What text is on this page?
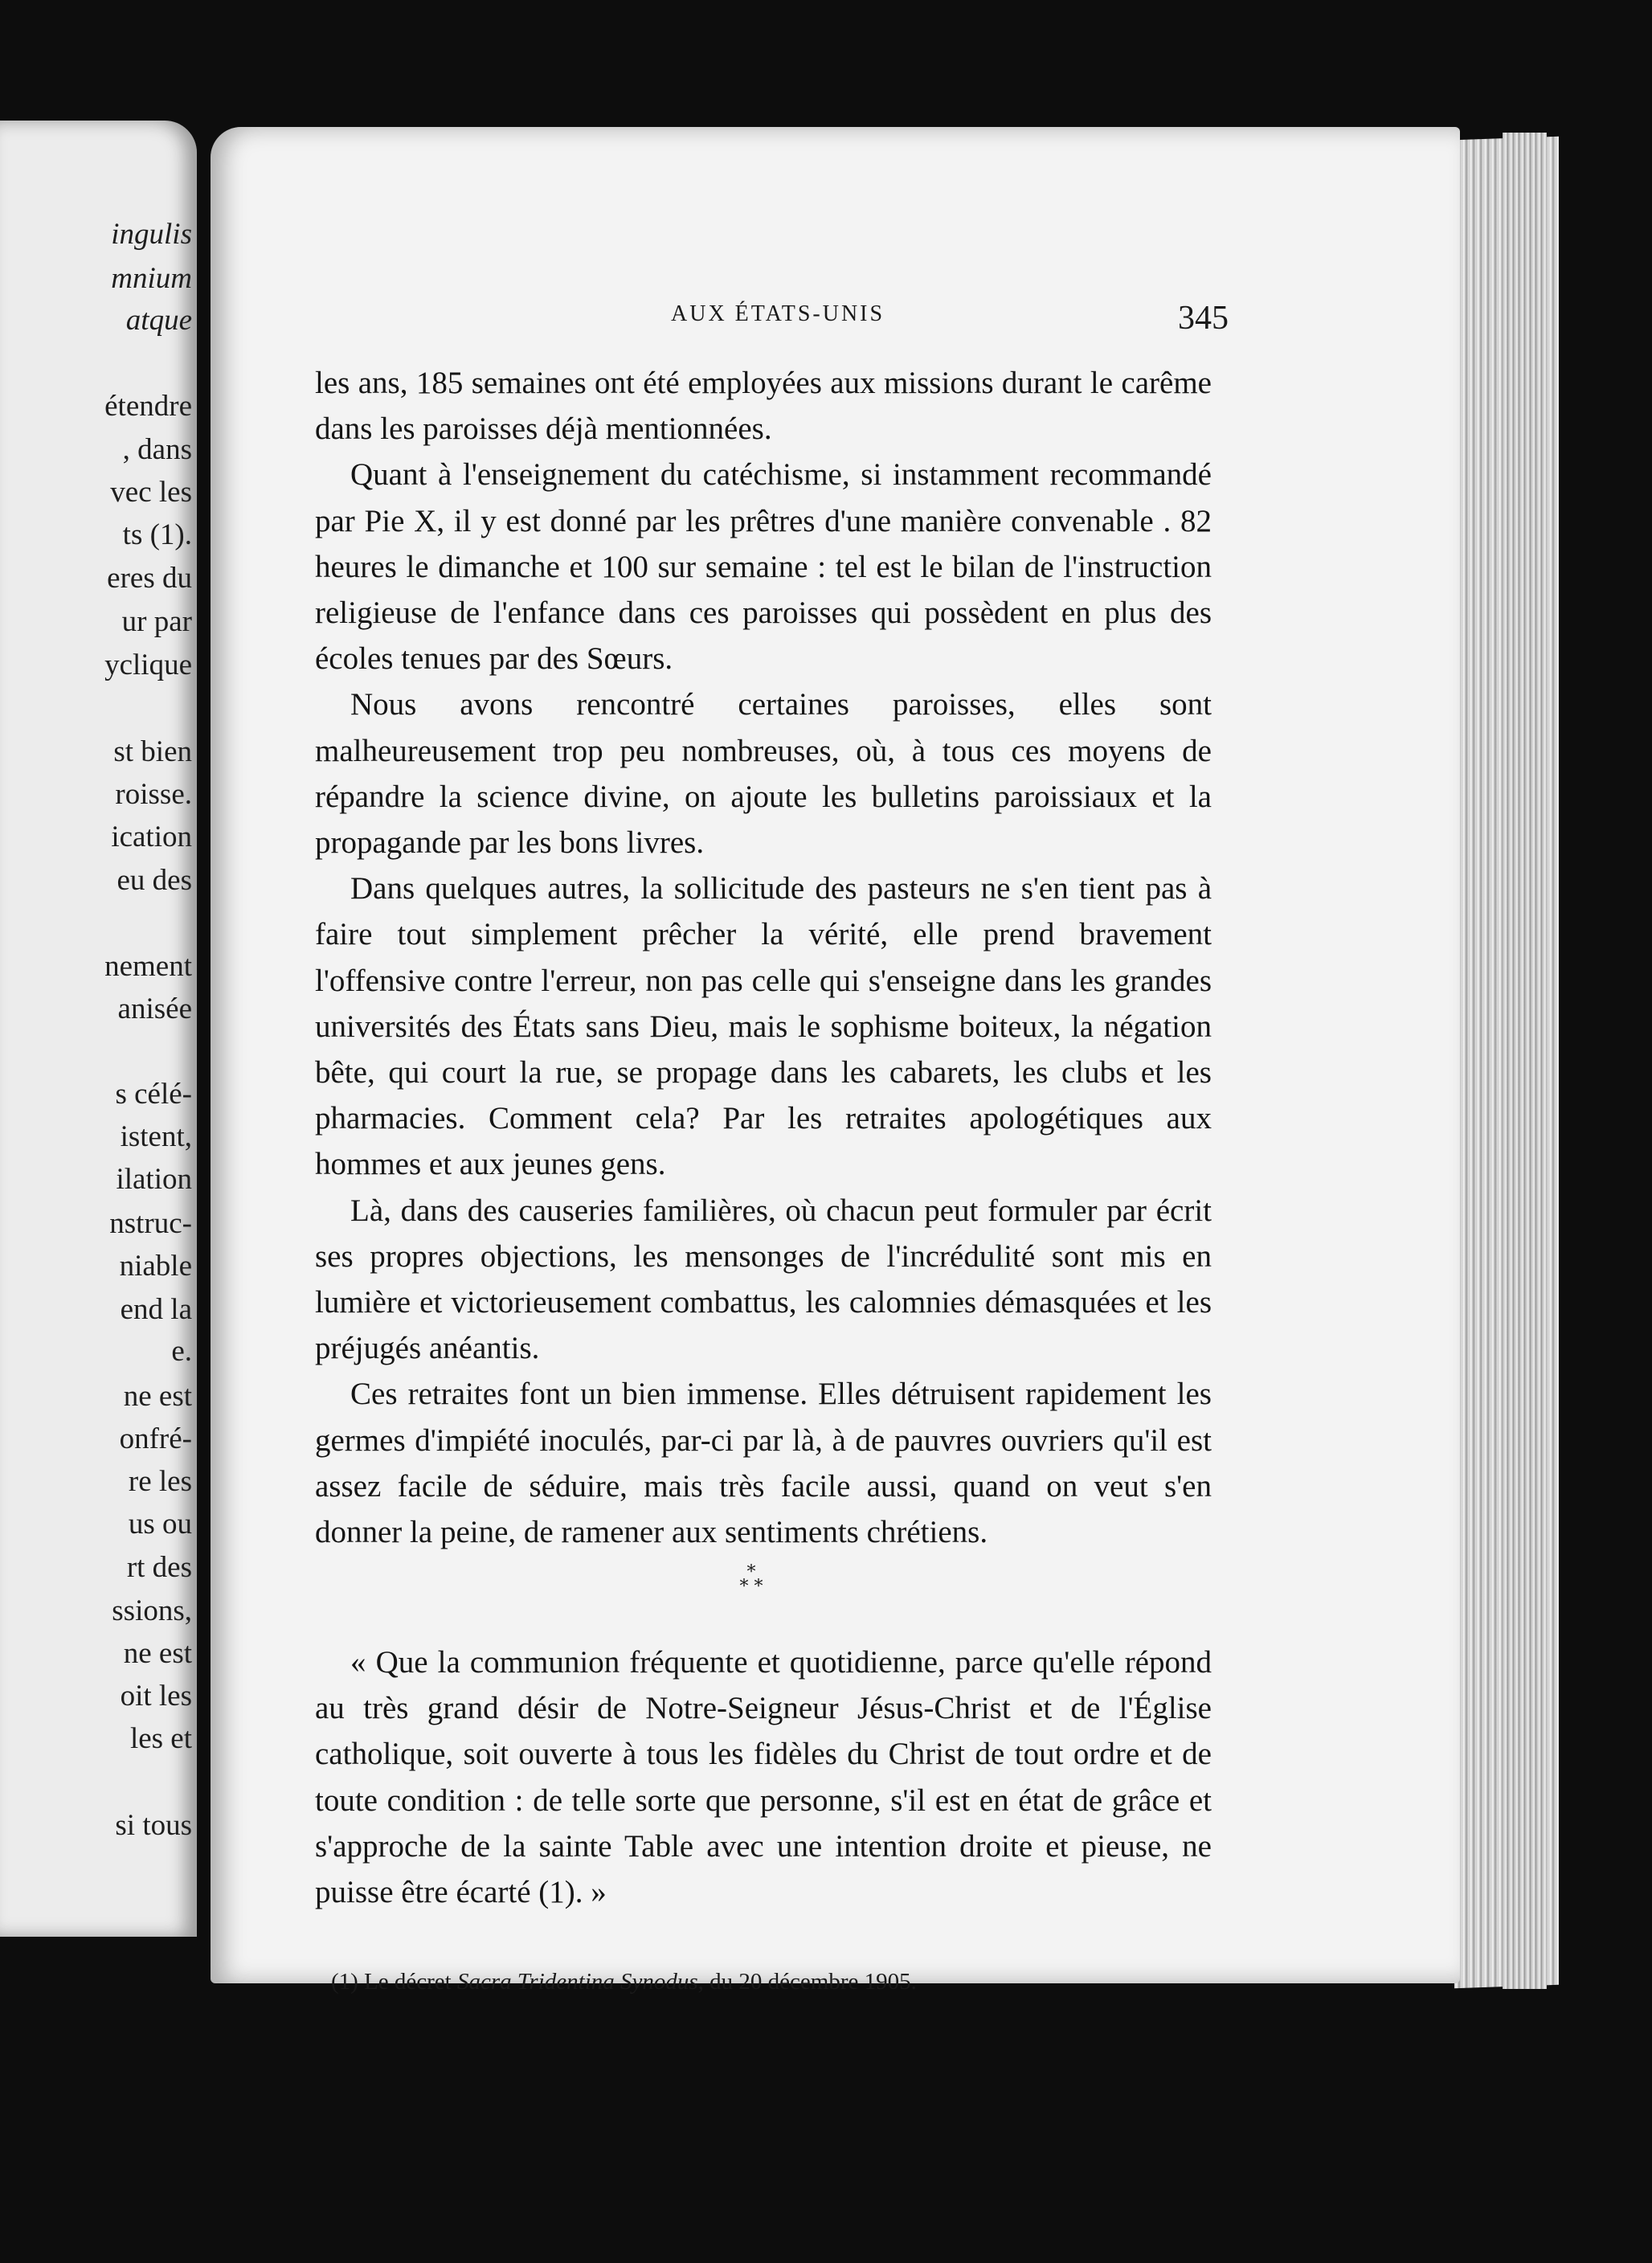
ingulis
mnium
atque
étendre
, dans
vec les
ts (1).
eres du
ur par
yclique
st bien
roisse.
ication
eu des
nement
anisée
s célé-
istent,
ilation
nstruc-
niable
end la
e.
ne est
onfré-
re les
us ou
rt des
ssions,
ne est
oit les
les et
si tous
AUX ÉTATS-UNIS	345

les ans, 185 semaines ont été employées aux missions durant le carême dans les paroisses déjà mentionnées.

Quant à l'enseignement du catéchisme, si instamment recommandé par Pie X, il y est donné par les prêtres d'une manière convenable . 82 heures le dimanche et 100 sur semaine : tel est le bilan de l'instruction religieuse de l'enfance dans ces paroisses qui possèdent en plus des écoles tenues par des Sœurs.

Nous avons rencontré certaines paroisses, elles sont malheureusement trop peu nombreuses, où, à tous ces moyens de répandre la science divine, on ajoute les bulletins paroissiaux et la propagande par les bons livres.

Dans quelques autres, la sollicitude des pasteurs ne s'en tient pas à faire tout simplement prêcher la vérité, elle prend bravement l'offensive contre l'erreur, non pas celle qui s'enseigne dans les grandes universités des États sans Dieu, mais le sophisme boiteux, la négation bête, qui court la rue, se propage dans les cabarets, les clubs et les pharmacies. Comment cela? Par les retraites apologétiques aux hommes et aux jeunes gens.

Là, dans des causeries familières, où chacun peut formuler par écrit ses propres objections, les mensonges de l'incrédulité sont mis en lumière et victorieusement combattus, les calomnies démasquées et les préjugés anéantis.

Ces retraites font un bien immense. Elles détruisent rapidement les germes d'impiété inoculés, par-ci par là, à de pauvres ouvriers qu'il est assez facile de séduire, mais très facile aussi, quand on veut s'en donner la peine, de ramener aux sentiments chrétiens.

*
* *

« Que la communion fréquente et quotidienne, parce qu'elle répond au très grand désir de Notre-Seigneur Jésus-Christ et de l'Église catholique, soit ouverte à tous les fidèles du Christ de tout ordre et de toute condition : de telle sorte que personne, s'il est en état de grâce et s'approche de la sainte Table avec une intention droite et pieuse, ne puisse être écarté (1). »

(1) Le décret Sacra Tridentina Synodus, du 20 décembre 1905.
